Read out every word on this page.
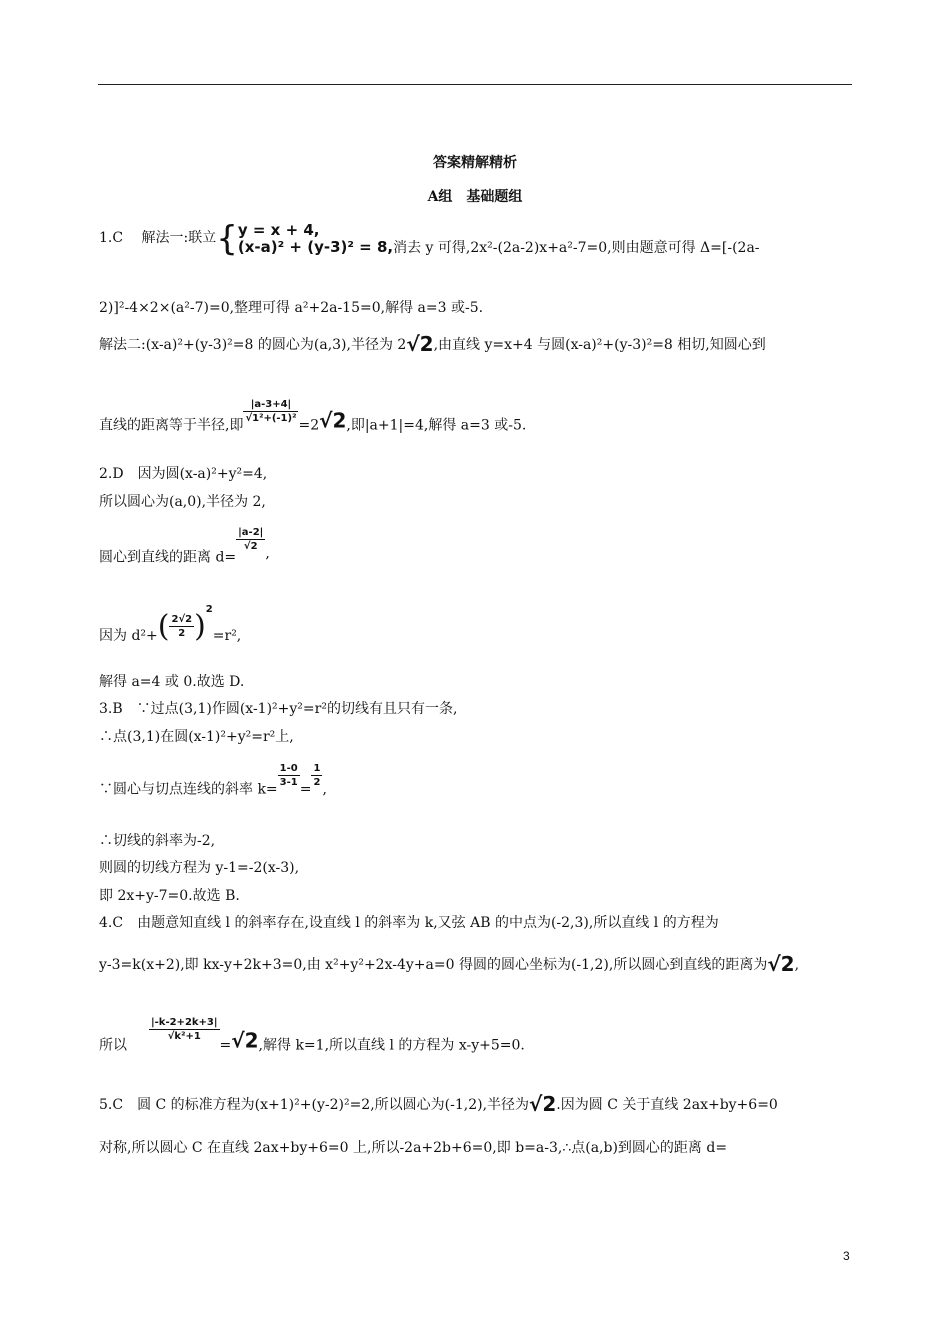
答案精解精析
A组　基础题组
1.C　 解法一:联立{ y = x + 4,
(x-a)² + (y-3)² = 8, 消去 y 可得,2x²-(2a-2)x+a²-7=0,则由题意可得 Δ=[-(2a-
2)]²-4×2×(a²-7)=0,整理可得 a²+2a-15=0,解得 a=3 或-5.
解法二:(x-a)²+(y-3)²=8 的圆心为(a,3),半径为 2√2,由直线 y=x+4 与圆(x-a)²+(y-3)²=8 相切,知圆心到
直线的距离等于半径,即
$\frac{|a-3+4|}{\text{√1²+(-1)²}}$
=2√2,即|a+1|=4,解得 a=3 或-5.
2.D　因为圆(x-a)²+y²=4,
所以圆心为(a,0),半径为 2,
圆心到直线的距离 d=
$\frac{|a-2|}{√2}$
,
因为 $d^2+( \frac{2√2}{2} )^2=r^2$,
解得 a=4 或 0.故选 D.
3.B　∵过点(3,1)作圆(x-1)²+y²=r²的切线有且只有一条,
∴点(3,1)在圆(x-1)²+y²=r²上,
∵圆心与切点连线的斜率 k=
$\frac{1-0}{3-1}$
=
$\frac{1}{2}$
,
∴切线的斜率为-2,
则圆的切线方程为 y-1=-2(x-3),
即 2x+y-7=0.故选 B.
4.C　由题意知直线 l 的斜率存在,设直线 l 的斜率为 k,又弦 AB 的中点为(-2,3),所以直线 l 的方程为
y-3=k(x+2),即 kx-y+2k+3=0,由 x²+y²+2x-4y+a=0 得圆的圆心坐标为(-1,2),所以圆心到直线的距离为√2,
所以
$\frac{|-k-2+2k+3|}{\text{√k²+1}}$
=√2,解得 k=1,所以直线 l 的方程为 x-y+5=0.
5.C　圆 C 的标准方程为(x+1)²+(y-2)²=2,所以圆心为(-1,2),半径为√2.因为圆 C 关于直线 2ax+by+6=0
对称,所以圆心 C 在直线 2ax+by+6=0 上,所以-2a+2b+6=0,即 b=a-3,∴点(a,b)到圆心的距离 d=
3
